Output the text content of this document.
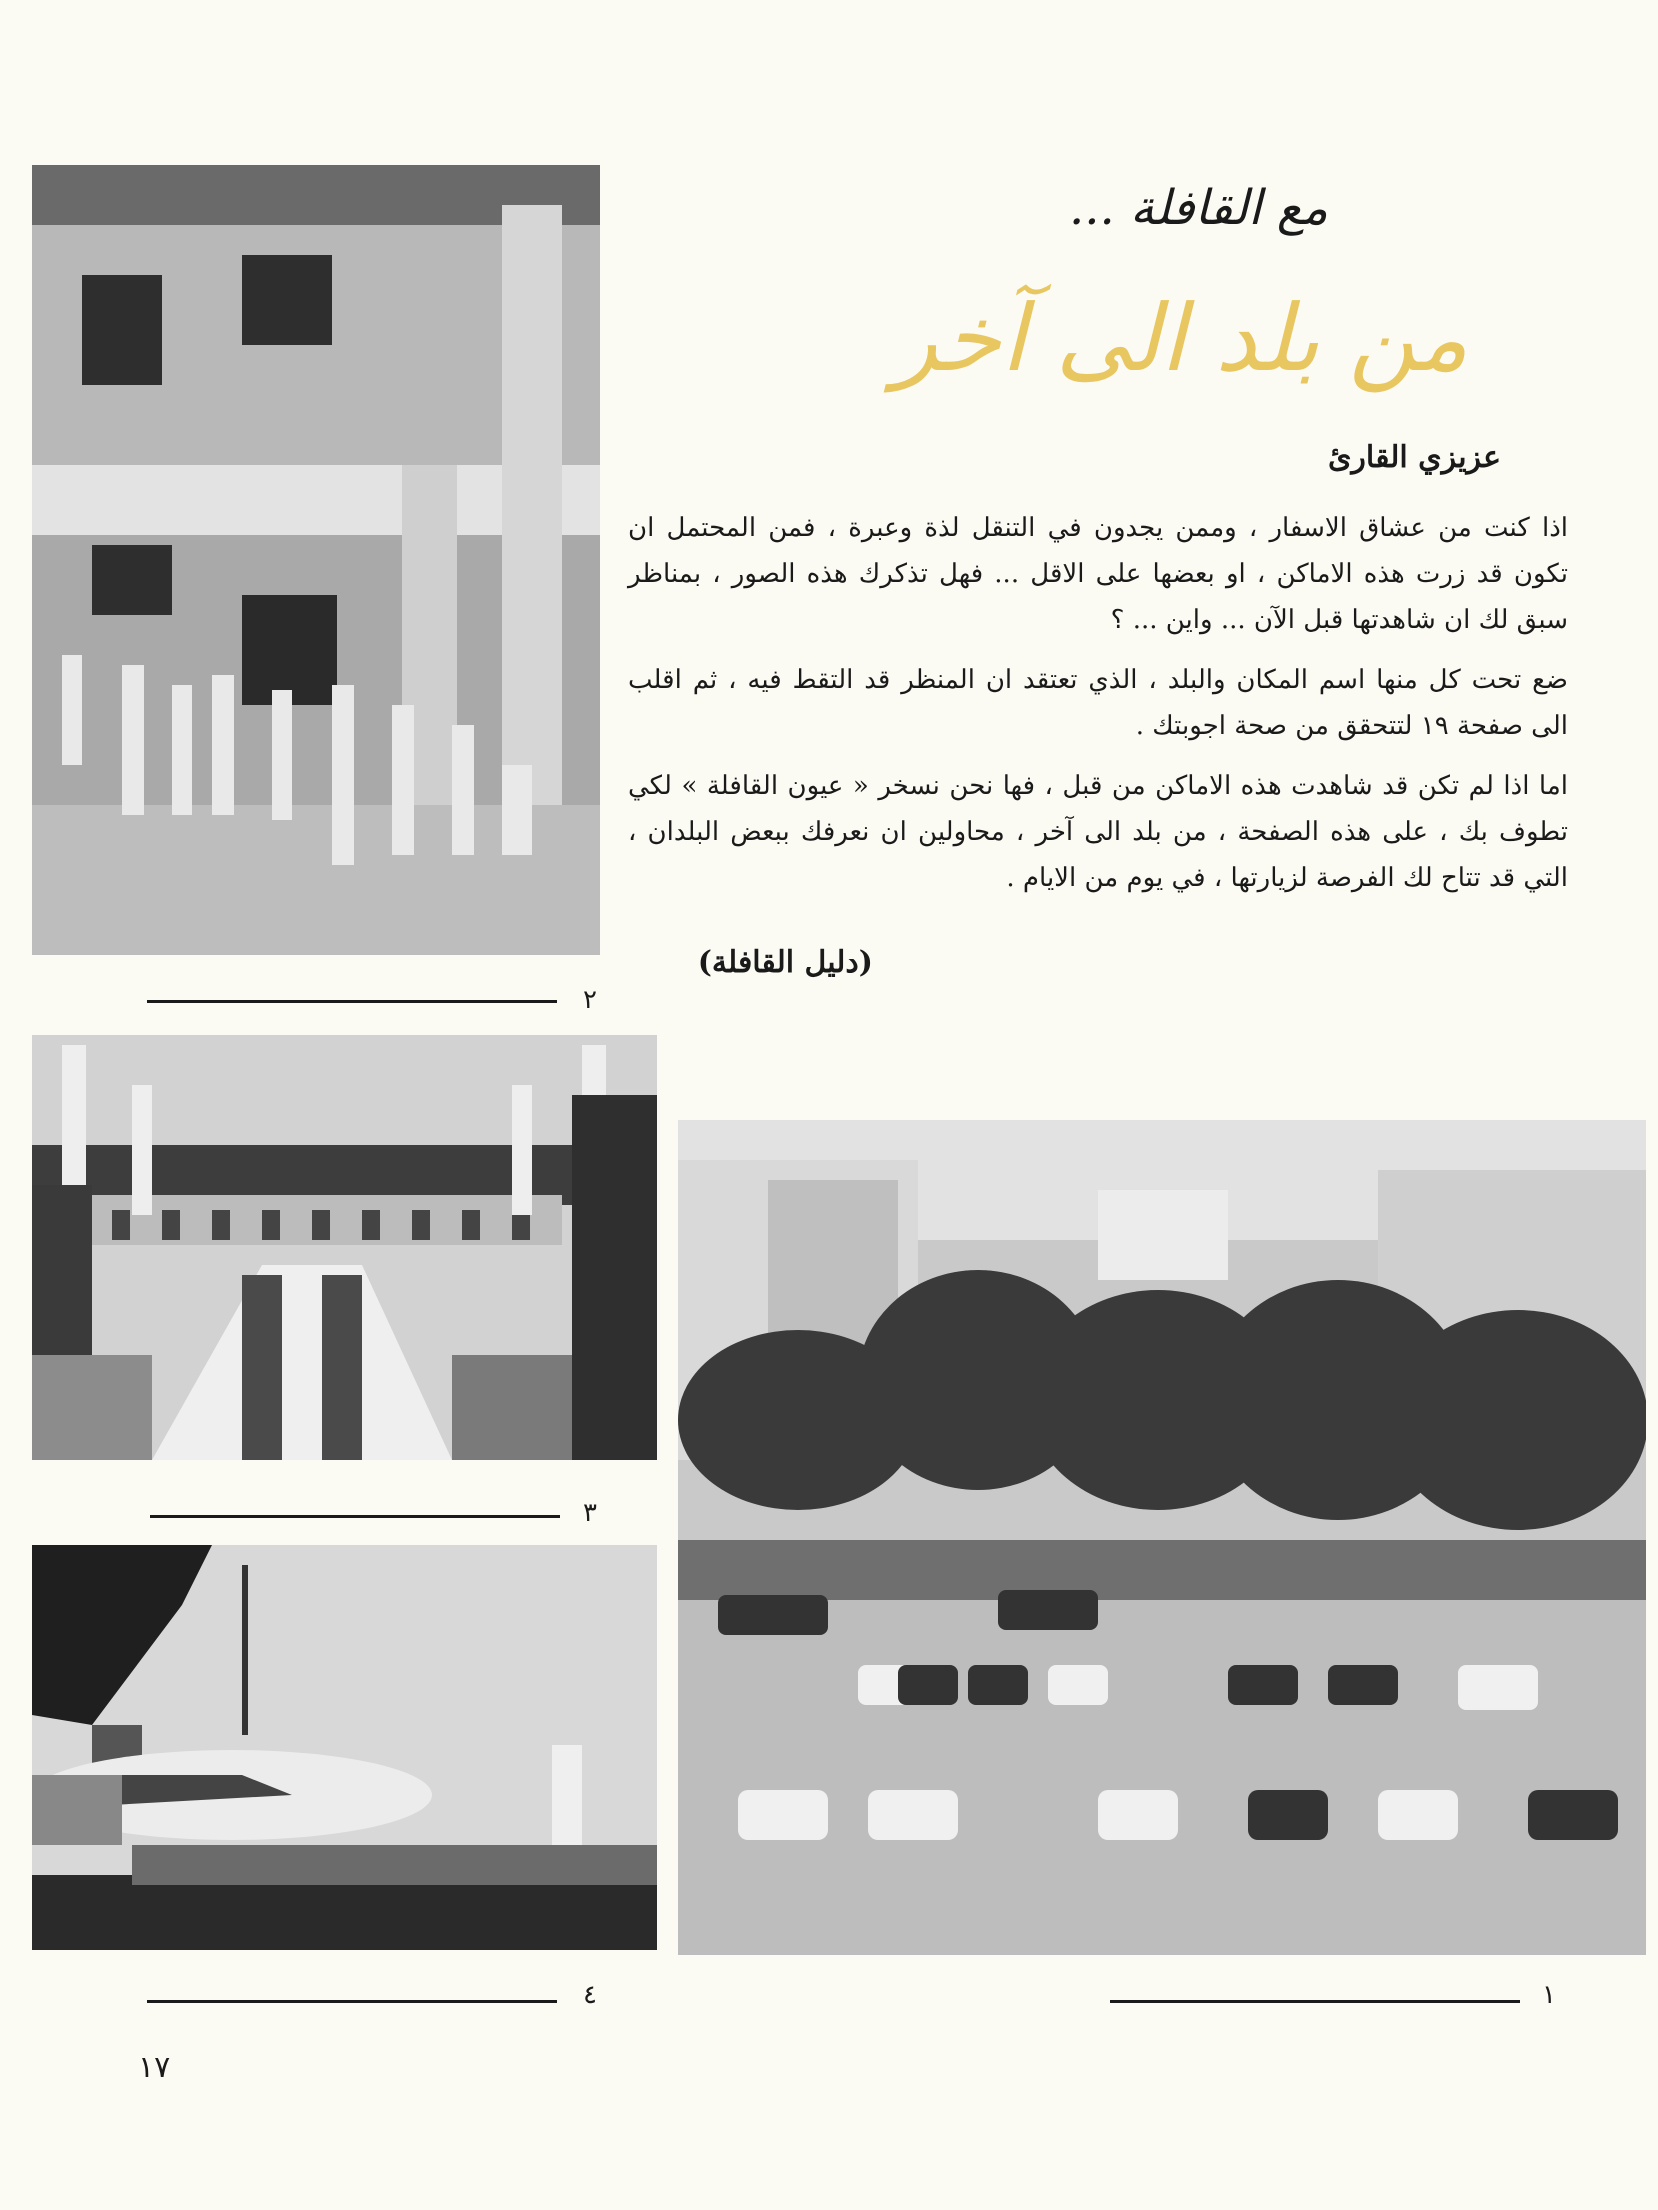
مع القافلة ...
من بلد الى آخر
عزيزي القارئ

اذا كنت من عشاق الاسفار ، وممن يجدون في التنقل لذة وعبرة ، فمن المحتمل ان تكون قد زرت هذه الاماكن ، او بعضها على الاقل ... فهل تذكرك هذه الصور ، بمناظر سبق لك ان شاهدتها قبل الآن ... واين ... ؟

ضع تحت كل منها اسم المكان والبلد ، الذي تعتقد ان المنظر قد التقط فيه ، ثم اقلب الى صفحة ١٩ لتتحقق من صحة اجوبتك .

اما اذا لم تكن قد شاهدت هذه الاماكن من قبل ، فها نحن نسخر « عيون القافلة » لكي تطوف بك ، على هذه الصفحة ، من بلد الى آخر ، محاولين ان نعرفك ببعض البلدان ، التي قد تتاح لك الفرصة لزيارتها ، في يوم من الايام .

(دليل القافلة)
٢
٣
٤	١
١٧
